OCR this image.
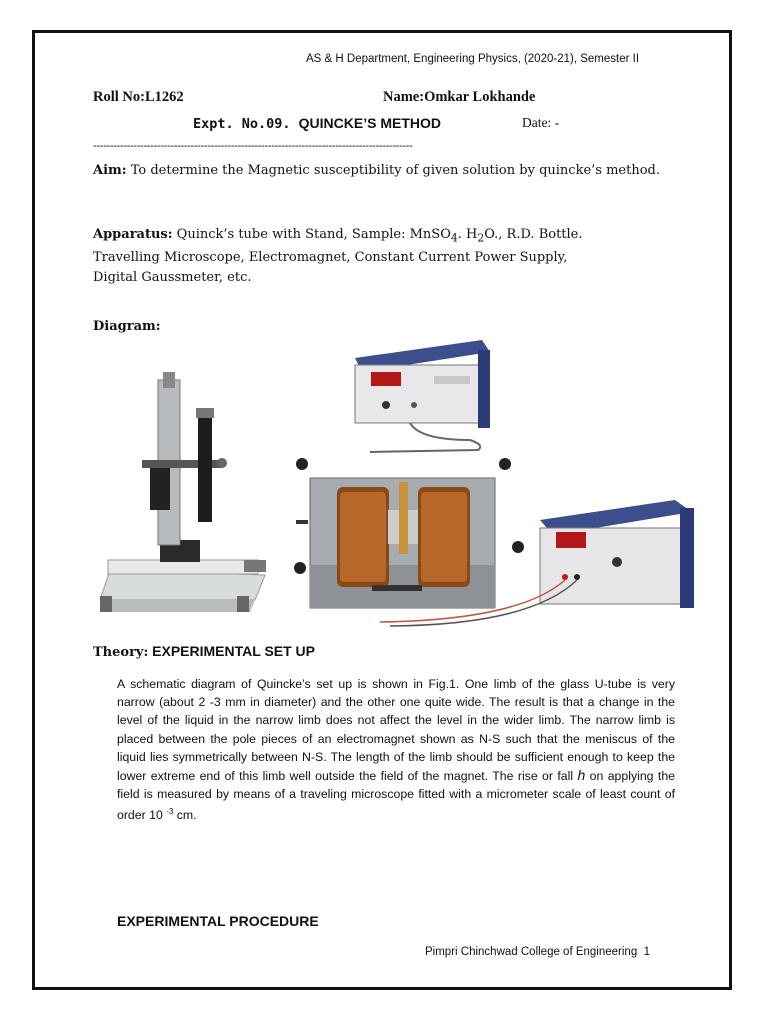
AS & H Department, Engineering Physics, (2020-21), Semester II
Roll No:L1262	Name:Omkar Lokhande
Expt. No.09. QUINCKE’S METHOD	Date: -
-----------------------------------------------------------------------------------------------
Aim: To determine the Magnetic susceptibility of given solution by quincke’s method.
Apparatus: Quinck’s tube with Stand, Sample: MnSO$_4$. $H_2O$., R.D. Bottle.
Travelling Microscope, Electromagnet, Constant Current Power Supply,
Digital Gaussmeter, etc.
Diagram:
Theory: EXPERIMENTAL SET UP
A schematic diagram of Quincke’s set up is shown in Fig.1. One limb of the glass U-tube is very narrow (about 2 -3 mm in diameter) and the other one quite wide. The result is that a change in the level of the liquid in the narrow limb does not affect the level in the wider limb. The narrow limb is placed between the pole pieces of an electromagnet shown as N-S such that the meniscus of the liquid lies symmetrically between N-S. The length of the limb should be sufficient enough to keep the lower extreme end of this limb well outside the field of the magnet. The rise or fall h on applying the field is measured by means of a traveling microscope fitted with a micrometer scale of least count of order 10 $^{-3}$ cm.
EXPERIMENTAL PROCEDURE
Pimpri Chinchwad College of Engineering 1
